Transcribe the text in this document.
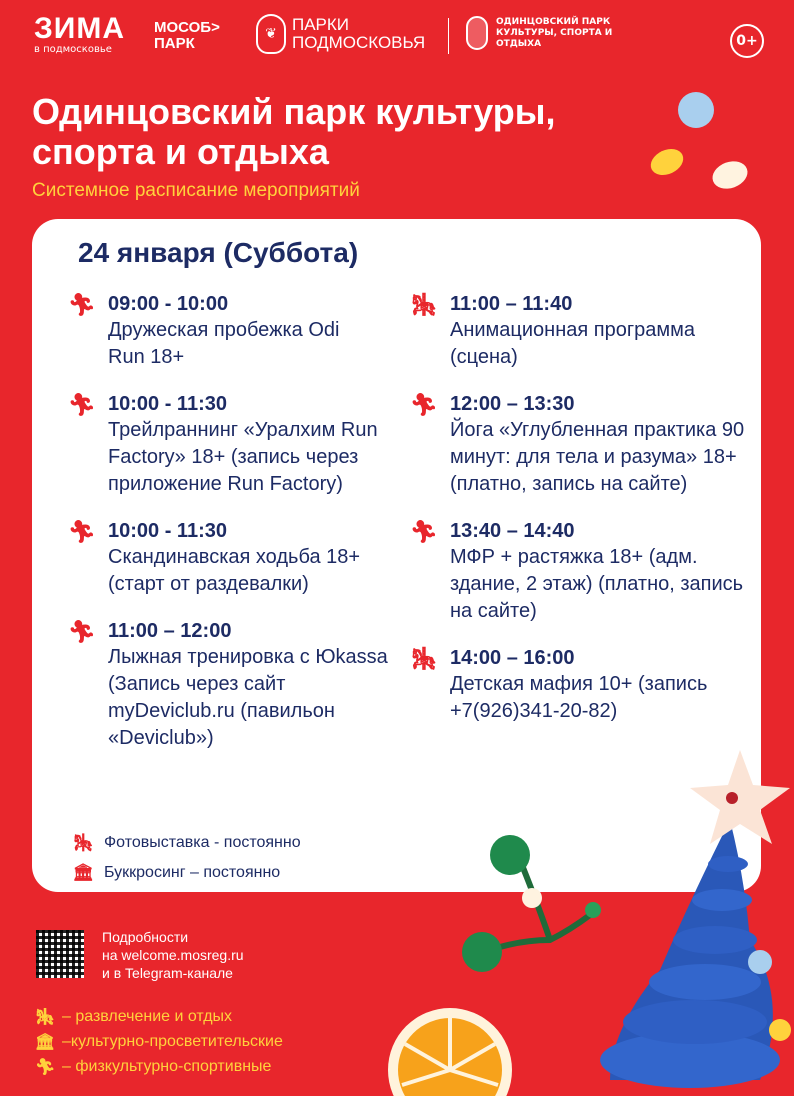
ЗИМА
в подмосковье
МОСОБ>
ПАРК
❦ ПАРКИ
ПОДМОСКОВЬЯ
ОДИНЦОВСКИЙ ПАРК КУЛЬТУРЫ, СПОРТА И ОТДЫХА	0+
Одинцовский парк культуры, спорта и отдыха
Системное расписание мероприятий
24 января (Суббота)
🏃︎ 09:00 - 10:00
Дружеская пробежка Odi Run 18+
🏃︎ 10:00 - 11:30
Трейлраннинг «Уралхим Run Factory» 18+ (запись через приложение Run Factory)
🏃︎ 10:00 - 11:30
Скандинавская ходьба 18+ (старт от раздевалки)
🏃︎ 11:00 – 12:00
Лыжная тренировка с Юkassa (Запись через сайт myDeviclub.ru (павильон «Deviclub»)
🎠︎ 11:00 – 11:40
Анимационная программа (сцена)
🏃︎ 12:00 – 13:30
Йога «Углубленная практика 90 минут: для тела и разума» 18+ (платно, запись на сайте)
🏃︎ 13:40 – 14:40
МФР + растяжка 18+ (адм. здание, 2 этаж) (платно, запись на сайте)
🎠︎ 14:00 – 16:00
Детская мафия 10+ (запись +7(926)341-20-82)
🎠︎ Фотовыставка - постоянно
🏛︎ Буккросинг – постоянно
Подробности
на welcome.mosreg.ru
и в Telegram-канале
🎠︎ – развлечение и отдых
🏛︎ –культурно-просветительские
🏃︎ – физкультурно-спортивные
